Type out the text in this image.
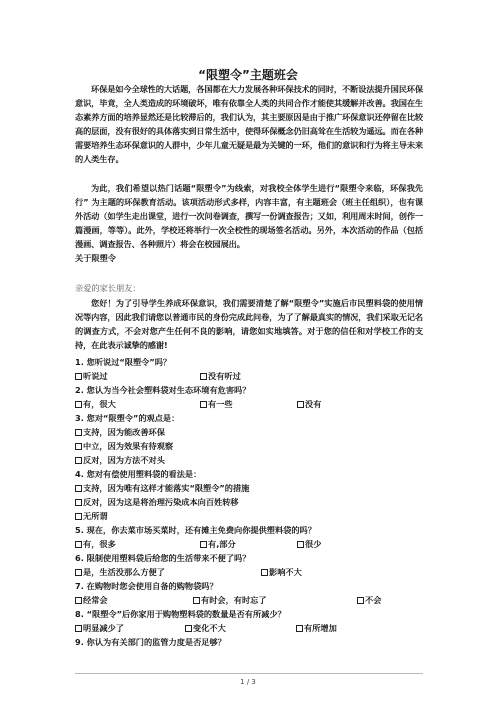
“限塑令”主题班会

环保是如今全球性的大话题，各国都在大力发展各种环保技术的同时，不断设法提升国民环保意识，毕竟，全人类造成的环境破坏，唯有依靠全人类的共同合作才能使其缓解并改善。我国在生态素养方面的培养显然还是比较滞后的，我们认为，其主要原因是由于推广环保意识还停留在比较高的层面，没有很好的具体落实到日常生活中，使得环保概念仍旧高耸在生活较为遥远。而在各种需要培养生态环保意识的人群中，少年儿童无疑是最为关键的一环，他们的意识和行为将主导未来的人类生存。

为此，我们希望以热门话题“限塑令”为线索，对我校全体学生进行“限塑令来临，环保我先行” 为主题的环保教育活动。该项活动形式多样，内容丰富，有主题班会（班主任组织），也有课外活动（如学生走出课堂，进行一次问卷调查，撰写一份调查报告；又如，利用周末时间，创作一篇漫画，等等）。此外，学校还将举行一次全校性的现场签名活动。另外，本次活动的作品（包括漫画、调查报告、各种照片）将会在校园展出。

关于限塑令

亲爱的家长朋友：

您好！为了引导学生养成环保意识，我们需要清楚了解“限塑令”实施后市民塑料袋的使用情况等内容，因此我们请您以普通市民的身份完成此问卷，为了了解最真实的情况，我们采取无记名的调查方式，不会对您产生任何不良的影响，请您如实地填答。对于您的信任和对学校工作的支持，在此表示诚挚的感谢!

1. 您听说过“限塑令”吗？
听说过	没有听过
2. 您认为当今社会塑料袋对生态环境有危害吗？
有，很大	有一些	没有
3. 您对“限塑令”的观点是：
支持，因为能改善环保
中立，因为效果有待观察
反对，因为方法不对头
4. 您对有偿使用塑料袋的看法是：
支持，因为唯有这样才能落实“限塑令”的措施
反对，因为这是将治理污染成本向百姓转移
无所谓
5. 现在，你去菜市场买菜时，还有摊主免费向你提供塑料袋的吗？
有，很多	有,部分	很少
6. 限制使用塑料袋后给您的生活带来不便了吗？
是，生活没那么方便了	影响不大
7. 在购物时您会使用自备的购物袋吗？
经常会	有时会，有时忘了	不会
8. “限塑令”后你家用于购物塑料袋的数量是否有所减少？
明显减少了	变化不大	有所增加
9. 你认为有关部门的监管力度是否足够？
1 / 3
